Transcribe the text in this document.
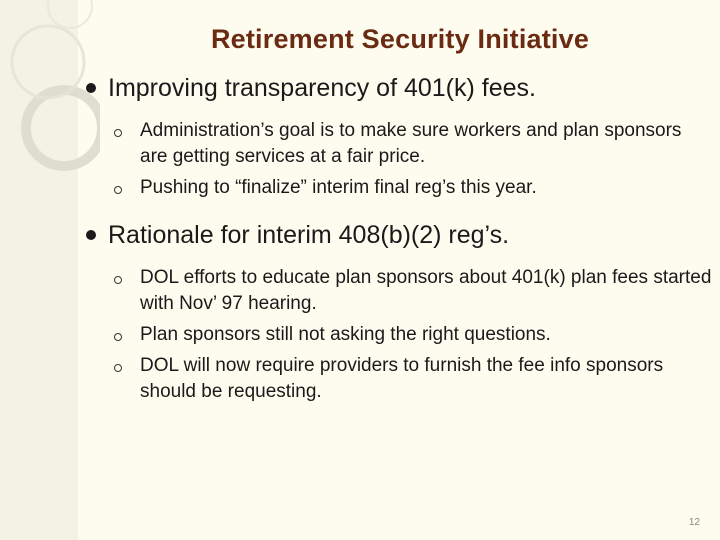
Retirement Security Initiative
Improving transparency of 401(k) fees.
Administration’s goal is to make sure workers and plan sponsors are getting services at a fair price.
Pushing to “finalize” interim final reg’s this year.
Rationale for interim 408(b)(2) reg’s.
DOL efforts to educate plan sponsors about 401(k) plan fees started with Nov’ 97 hearing.
Plan sponsors still not asking the right questions.
DOL will now require providers to furnish the fee info sponsors should be requesting.
12
